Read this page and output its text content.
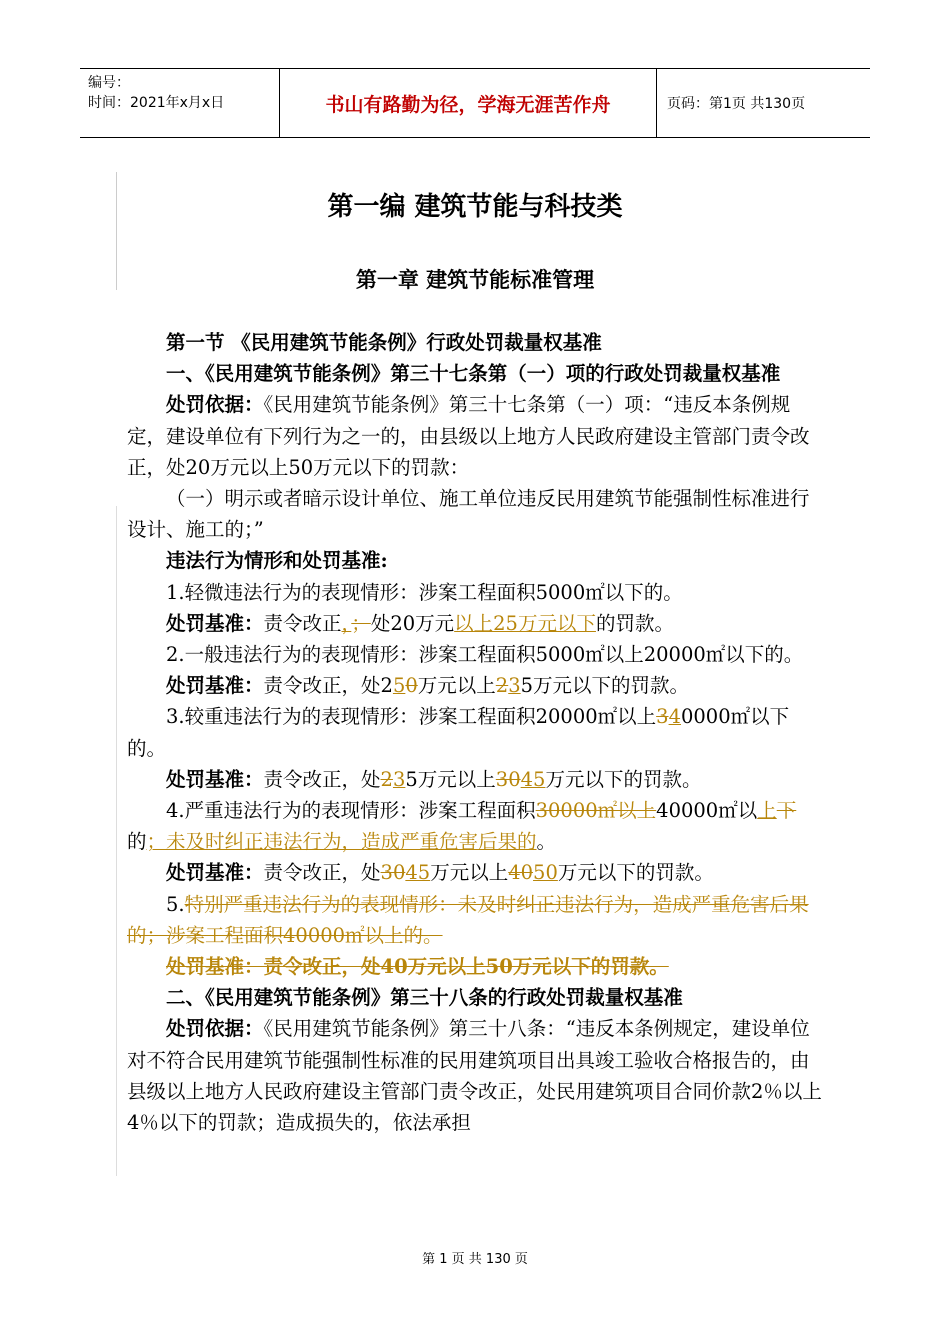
编号：
时间：2021年x月x日	书山有路勤为径，学海无涯苦作舟	页码：第1页 共130页
第一编 建筑节能与科技类
第一章 建筑节能标准管理

第一节 《民用建筑节能条例》行政处罚裁量权基准

一、《民用建筑节能条例》第三十七条第（一）项的行政处罚裁量权基准

处罚依据：《民用建筑节能条例》第三十七条第（一）项：“违反本条例规定，建设单位有下列行为之一的，由县级以上地方人民政府建设主管部门责令改正，处20万元以上50万元以下的罚款：

（一）明示或者暗示设计单位、施工单位违反民用建筑节能强制性标准进行设计、施工的；”

违法行为情形和处罚基准:

1.轻微违法行为的表现情形：涉案工程面积5000㎡以下的。

处罚基准：责令改正，；处20万元以上25万元以下的罚款。

2.一般违法行为的表现情形：涉案工程面积5000㎡以上20000㎡以下的。

处罚基准：责令改正，处250万元以上235万元以下的罚款。

3.较重违法行为的表现情形：涉案工程面积20000㎡以上340000㎡以下的。

处罚基准：责令改正，处235万元以上3045万元以下的罚款。

4.严重违法行为的表现情形：涉案工程面积30000㎡以上40000㎡以上下的；未及时纠正违法行为，造成严重危害后果的。

处罚基准：责令改正，处3045万元以上4050万元以下的罚款。

5.特别严重违法行为的表现情形：未及时纠正违法行为，造成严重危害后果的；涉案工程面积40000㎡以上的。

处罚基准：责令改正，处40万元以上50万元以下的罚款。

二、《民用建筑节能条例》第三十八条的行政处罚裁量权基准

处罚依据：《民用建筑节能条例》第三十八条：“违反本条例规定，建设单位对不符合民用建筑节能强制性标准的民用建筑项目出具竣工验收合格报告的，由县级以上地方人民政府建设主管部门责令改正，处民用建筑项目合同价款2％以上4％以下的罚款；造成损失的，依法承担

第 1 页 共 130 页
